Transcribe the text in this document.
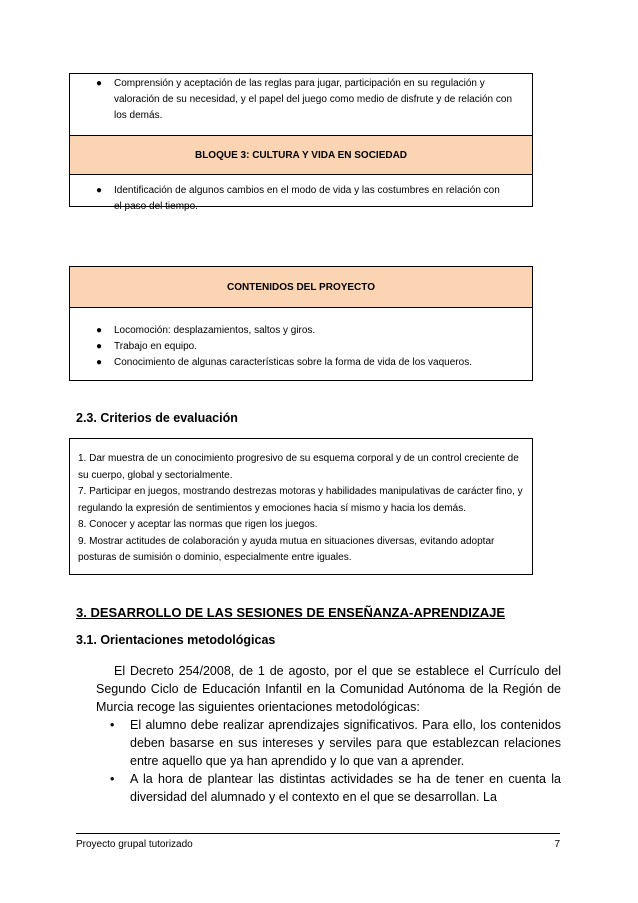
● Comprensión y aceptación de las reglas para jugar, participación en su regulación y valoración de su necesidad, y el papel del juego como medio de disfrute y de relación con los demás.
BLOQUE 3: CULTURA Y VIDA EN SOCIEDAD
● Identificación de algunos cambios en el modo de vida y las costumbres en relación con el paso del tiempo.
CONTENIDOS DEL PROYECTO
● Locomoción: desplazamientos, saltos y giros.
● Trabajo en equipo.
● Conocimiento de algunas características sobre la forma de vida de los vaqueros.
2.3. Criterios de evaluación
1. Dar muestra de un conocimiento progresivo de su esquema corporal y de un control creciente de su cuerpo, global y sectorialmente.
7. Participar en juegos, mostrando destrezas motoras y habilidades manipulativas de carácter fino, y regulando la expresión de sentimientos y emociones hacia sí mismo y hacia los demás.
8. Conocer y aceptar las normas que rigen los juegos.
9. Mostrar actitudes de colaboración y ayuda mutua en situaciones diversas, evitando adoptar posturas de sumisión o dominio, especialmente entre iguales.
3. DESARROLLO DE LAS SESIONES DE ENSEÑANZA-APRENDIZAJE
3.1. Orientaciones metodológicas
El Decreto 254/2008, de 1 de agosto, por el que se establece el Currículo del Segundo Ciclo de Educación Infantil en la Comunidad Autónoma de la Región de Murcia recoge las siguientes orientaciones metodológicas:
• El alumno debe realizar aprendizajes significativos. Para ello, los contenidos deben basarse en sus intereses y serviles para que establezcan relaciones entre aquello que ya han aprendido y lo que van a aprender.
• A la hora de plantear las distintas actividades se ha de tener en cuenta la diversidad del alumnado y el contexto en el que se desarrollan. La
Proyecto grupal tutorizado	7
